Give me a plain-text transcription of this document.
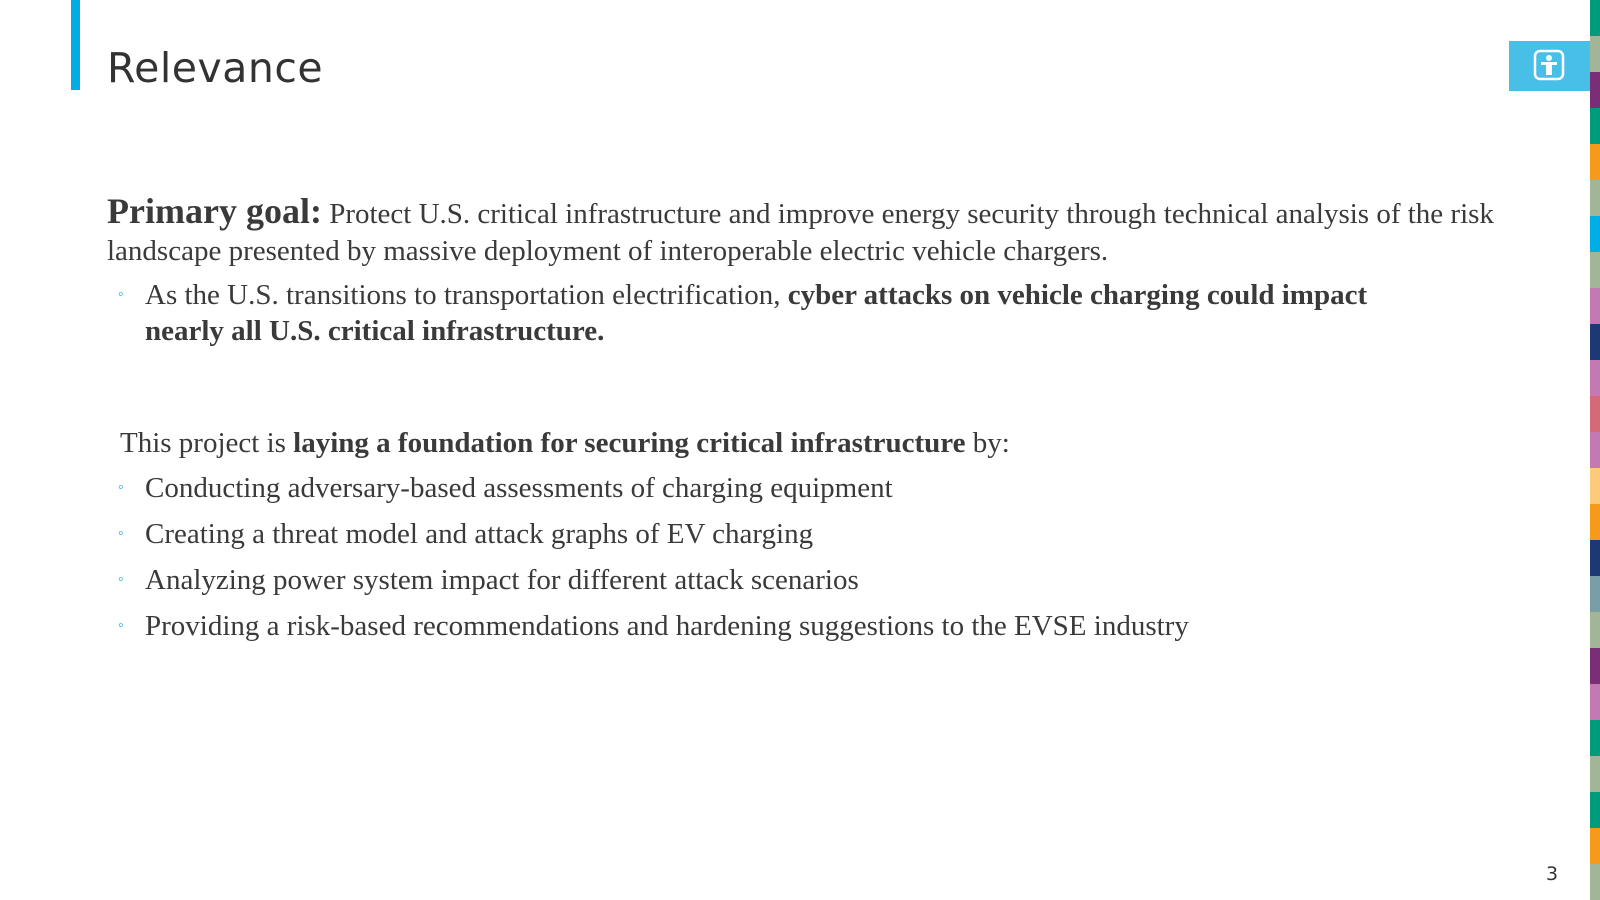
Relevance

Primary goal: Protect U.S. critical infrastructure and improve energy security through technical analysis of the risk landscape presented by massive deployment of interoperable electric vehicle chargers.

◦ As the U.S. transitions to transportation electrification, cyber attacks on vehicle charging could impact nearly all U.S. critical infrastructure.

This project is laying a foundation for securing critical infrastructure by:

◦ Conducting adversary-based assessments of charging equipment
◦ Creating a threat model and attack graphs of EV charging
◦ Analyzing power system impact for different attack scenarios
◦ Providing a risk-based recommendations and hardening suggestions to the EVSE industry
3
